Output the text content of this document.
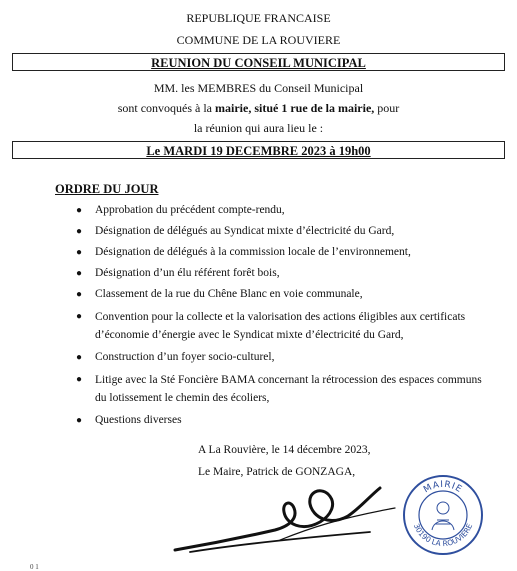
REPUBLIQUE FRANCAISE
COMMUNE DE LA ROUVIERE
REUNION DU CONSEIL MUNICIPAL
MM. les MEMBRES du Conseil Municipal
sont convoqués à la mairie, situé 1 rue de la mairie, pour
la réunion qui aura lieu le :
Le MARDI 19 DECEMBRE 2023 à 19h00
ORDRE DU JOUR
● Approbation du précédent compte-rendu,
● Désignation de délégués au Syndicat mixte d’électricité du Gard,
● Désignation de délégués à la commission locale de l’environnement,
● Désignation d’un élu référent forêt bois,
● Classement de la rue du Chêne Blanc en voie communale,
● Convention pour la collecte et la valorisation des actions éligibles aux certificats d’économie d’énergie avec le Syndicat mixte d’électricité du Gard,
● Construction d’un foyer socio-culturel,
● Litige avec la Sté Foncière BAMA concernant la rétrocession des espaces communs du lotissement le chemin des écoliers,
● Questions diverses
A La Rouvière, le 14 décembre 2023,
Le Maire, Patrick de GONZAGA,
MAIRIE
30190 LA ROUVIERE
0 1
